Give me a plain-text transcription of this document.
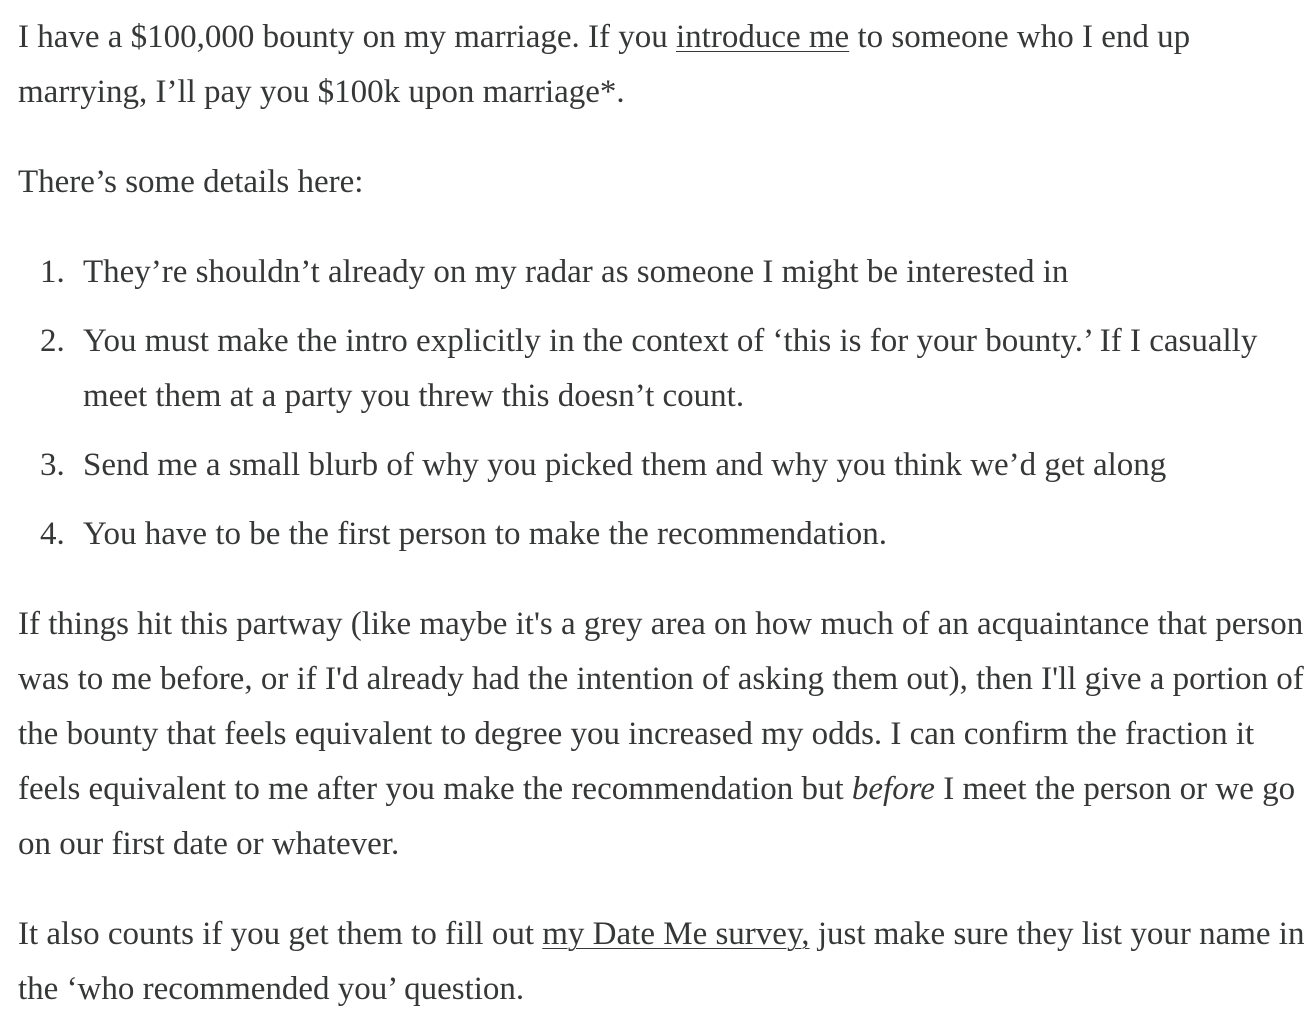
I have a $100,000 bounty on my marriage. If you introduce me to someone who I end up marrying, I’ll pay you $100k upon marriage*.

There’s some details here:

1. They’re shouldn’t already on my radar as someone I might be interested in
2. You must make the intro explicitly in the context of ‘this is for your bounty.’ If I casually meet them at a party you threw this doesn’t count.
3. Send me a small blurb of why you picked them and why you think we’d get along
4. You have to be the first person to make the recommendation.

If things hit this partway (like maybe it's a grey area on how much of an acquaintance that person was to me before, or if I'd already had the intention of asking them out), then I'll give a portion of the bounty that feels equivalent to degree you increased my odds. I can confirm the fraction it feels equivalent to me after you make the recommendation but before I meet the person or we go on our first date or whatever.

It also counts if you get them to fill out my Date Me survey, just make sure they list your name in the ‘who recommended you’ question.
